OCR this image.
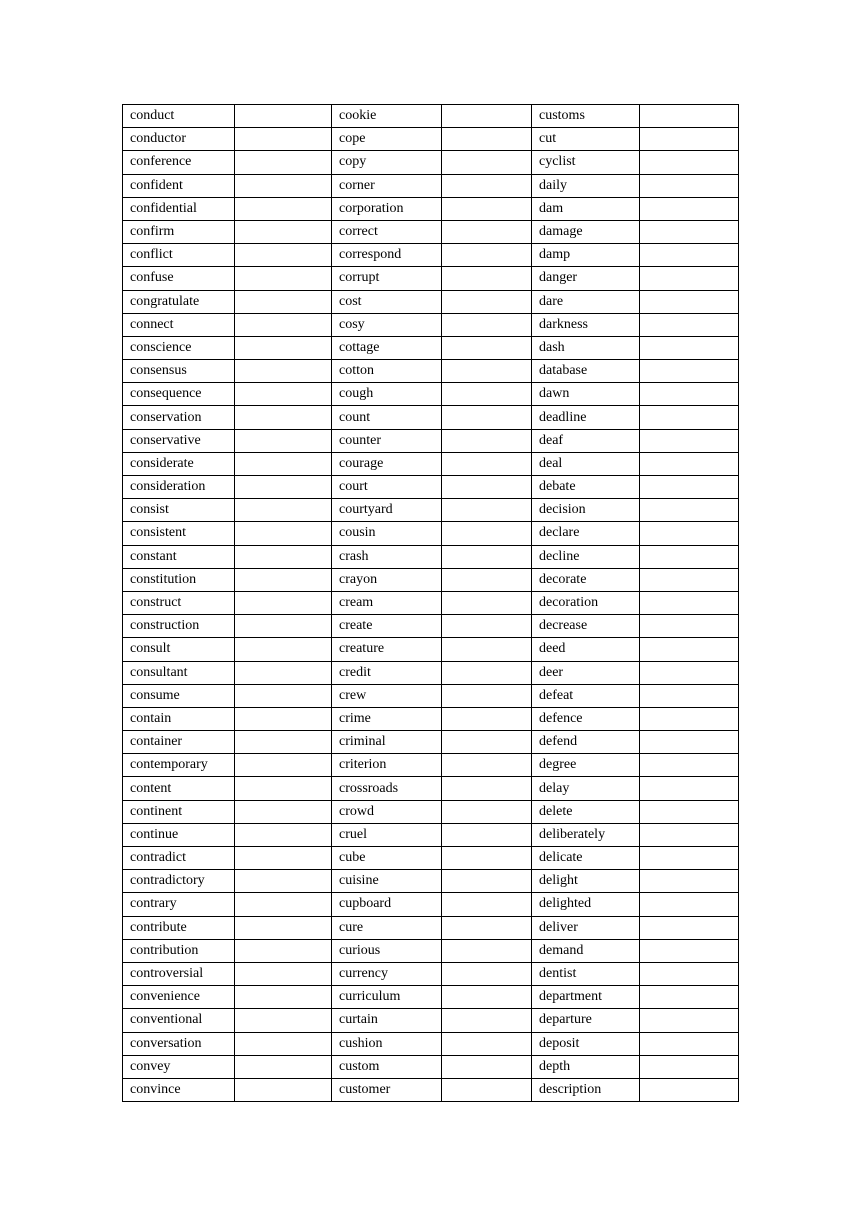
conduct		cookie		customs	
conductor		cope		cut	
conference		copy		cyclist	
confident		corner		daily	
confidential		corporation		dam	
confirm		correct		damage	
conflict		correspond		damp	
confuse		corrupt		danger	
congratulate		cost		dare	
connect		cosy		darkness	
conscience		cottage		dash	
consensus		cotton		database	
consequence		cough		dawn	
conservation		count		deadline	
conservative		counter		deaf	
considerate		courage		deal	
consideration		court		debate	
consist		courtyard		decision	
consistent		cousin		declare	
constant		crash		decline	
constitution		crayon		decorate	
construct		cream		decoration	
construction		create		decrease	
consult		creature		deed	
consultant		credit		deer	
consume		crew		defeat	
contain		crime		defence	
container		criminal		defend	
contemporary		criterion		degree	
content		crossroads		delay	
continent		crowd		delete	
continue		cruel		deliberately	
contradict		cube		delicate	
contradictory		cuisine		delight	
contrary		cupboard		delighted	
contribute		cure		deliver	
contribution		curious		demand	
controversial		currency		dentist	
convenience		curriculum		department	
conventional		curtain		departure	
conversation		cushion		deposit	
convey		custom		depth	
convince		customer		description	
